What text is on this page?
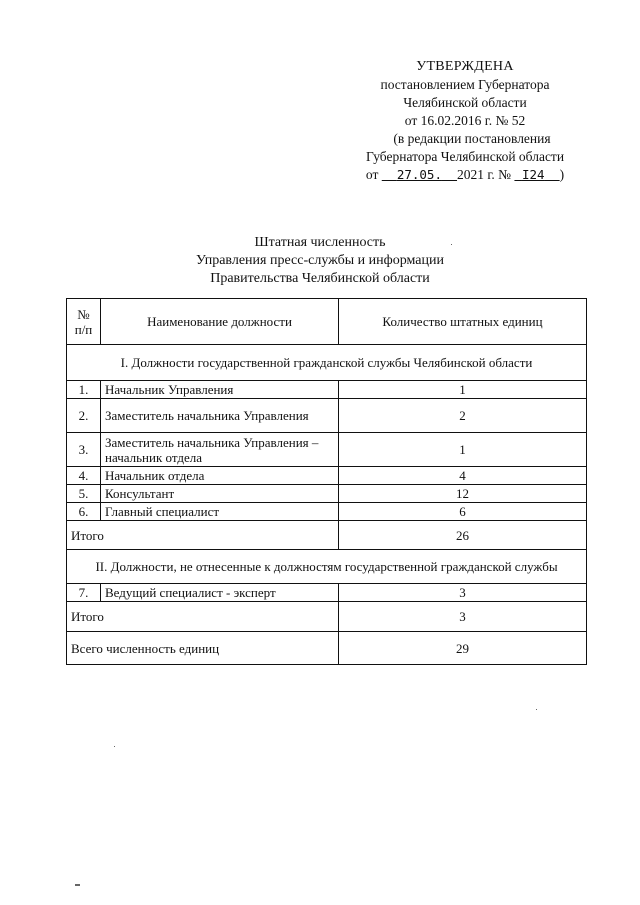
УТВЕРЖДЕНА
постановлением Губернатора
Челябинской области
от 16.02.2016 г. № 52
(в редакции постановления
Губернатора Челябинской области
от 27.05. 2021 г. № I24 )
Штатная численность
Управления пресс-службы и информации
Правительства Челябинской области
№ п/п	Наименование должности	Количество штатных единиц
I. Должности государственной гражданской службы Челябинской области		
1.	Начальник Управления	1
2.	Заместитель начальника Управления	2
3.	Заместитель начальника Управления – начальник отдела	1
4.	Начальник отдела	4
5.	Консультант	12
6.	Главный специалист	6
Итого		26
II. Должности, не отнесенные к должностям государственной гражданской службы		
7.	Ведущий специалист - эксперт	3
Итого		3
Всего численность единиц		29
